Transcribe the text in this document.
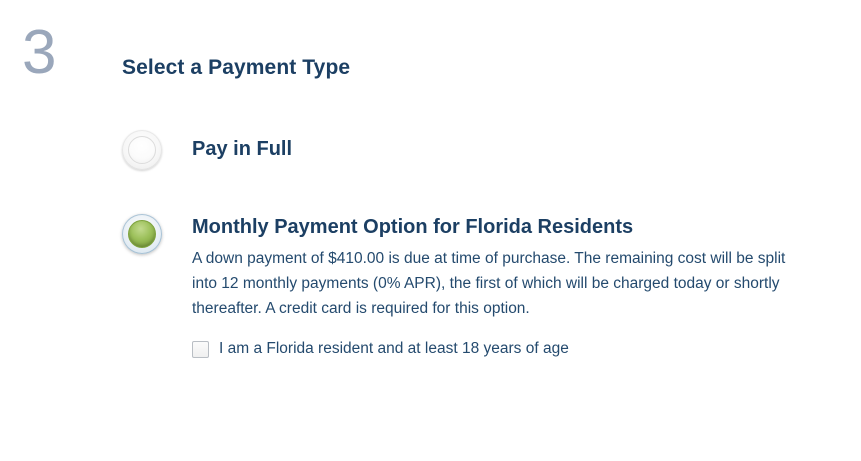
3	Select a Payment Type
Pay in Full
Monthly Payment Option for Florida Residents
A down payment of $410.00 is due at time of purchase. The remaining cost will be split into 12 monthly payments (0% APR), the first of which will be charged today or shortly thereafter. A credit card is required for this option.
I am a Florida resident and at least 18 years of age
